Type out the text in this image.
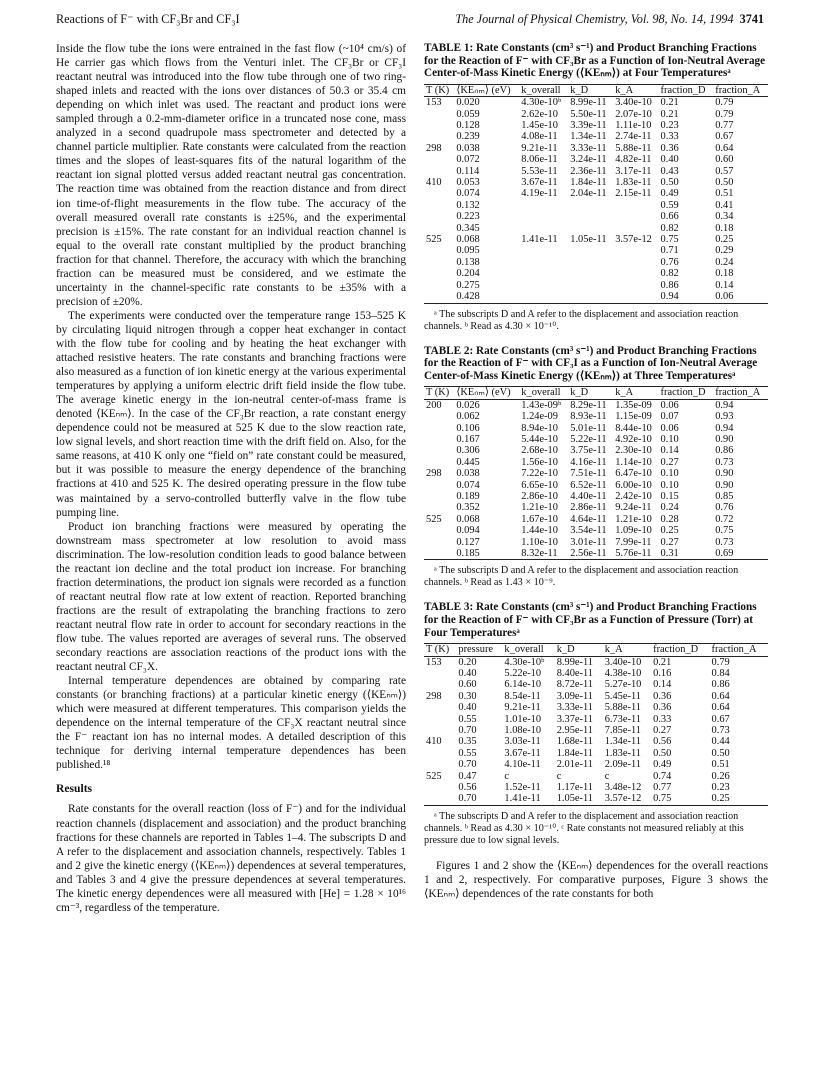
Reactions of F⁻ with CF₃Br and CF₃I	The Journal of Physical Chemistry, Vol. 98, No. 14, 1994 3741

Inside the flow tube the ions were entrained in the fast flow (~10⁴ cm/s) of He carrier gas which flows from the Venturi inlet. The CF₃Br or CF₃I reactant neutral was introduced into the flow tube through one of two ring-shaped inlets and reacted with the ions over distances of 50.3 or 35.4 cm depending on which inlet was used. The reactant and product ions were sampled through a 0.2-mm-diameter orifice in a truncated nose cone, mass analyzed in a second quadrupole mass spectrometer and detected by a channel particle multiplier. Rate constants were calculated from the reaction times and the slopes of least-squares fits of the natural logarithm of the reactant ion signal plotted versus added reactant neutral gas concentration. The reaction time was obtained from the reaction distance and from direct ion time-of-flight measurements in the flow tube. The accuracy of the overall measured overall rate constants is ±25%, and the experimental precision is ±15%. The rate constant for an individual reaction channel is equal to the overall rate constant multiplied by the product branching fraction for that channel. Therefore, the accuracy with which the branching fraction can be measured must be considered, and we estimate the uncertainty in the channel-specific rate constants to be ±35% with a precision of ±20%.

The experiments were conducted over the temperature range 153–525 K by circulating liquid nitrogen through a copper heat exchanger in contact with the flow tube for cooling and by heating the heat exchanger with attached resistive heaters. The rate constants and branching fractions were also measured as a function of ion kinetic energy at the various experimental temperatures by applying a uniform electric drift field inside the flow tube. The average kinetic energy in the ion-neutral center-of-mass frame is denoted ⟨KEₙₘ⟩. In the case of the CF₃Br reaction, a rate constant energy dependence could not be measured at 525 K due to the slow reaction rate, low signal levels, and short reaction time with the drift field on. Also, for the same reasons, at 410 K only one “field on” rate constant could be measured, but it was possible to measure the energy dependence of the branching fractions at 410 and 525 K. The desired operating pressure in the flow tube was maintained by a servo-controlled butterfly valve in the flow tube pumping line.

Product ion branching fractions were measured by operating the downstream mass spectrometer at low resolution to avoid mass discrimination. The low-resolution condition leads to good balance between the reactant ion decline and the total product ion increase. For branching fraction determinations, the product ion signals were recorded as a function of reactant neutral flow rate at low extent of reaction. Reported branching fractions are the result of extrapolating the branching fractions to zero reactant neutral flow rate in order to account for secondary reactions in the flow tube. The values reported are averages of several runs. The observed secondary reactions are association reactions of the product ions with the reactant neutral CF₃X.

Internal temperature dependences are obtained by comparing rate constants (or branching fractions) at a particular kinetic energy (⟨KEₙₘ⟩) which were measured at different temperatures. This comparison yields the dependence on the internal temperature of the CF₃X reactant neutral since the F⁻ reactant ion has no internal modes. A detailed description of this technique for deriving internal temperature dependences has been published.¹⁸

Results

Rate constants for the overall reaction (loss of F⁻) and for the individual reaction channels (displacement and association) and the product branching fractions for these channels are reported in Tables 1–4. The subscripts D and A refer to the displacement and association channels, respectively. Tables 1 and 2 give the kinetic energy (⟨KEₙₘ⟩) dependences at several temperatures, and Tables 3 and 4 give the pressure dependences at several temperatures. The kinetic energy dependences were all measured with [He] = 1.28 × 10¹⁶ cm⁻³, regardless of the temperature.

TABLE 1: Rate Constants (cm³ s⁻¹) and Product Branching Fractions for the Reaction of F⁻ with CF₃Br as a Function of Ion-Neutral Average Center-of-Mass Kinetic Energy (⟨KEₙₘ⟩) at Four Temperaturesᵃ
T (K)	⟨KEₙₘ⟩ (eV)	k_overall	k_D	k_A	fraction_D	fraction_A
153	0.020	4.30e-10ᵇ	8.99e-11	3.40e-10	0.21	0.79
	0.059	2.62e-10	5.50e-11	2.07e-10	0.21	0.79
	0.128	1.45e-10	3.39e-11	1.11e-10	0.23	0.77
	0.239	4.08e-11	1.34e-11	2.74e-11	0.33	0.67
298	0.038	9.21e-11	3.33e-11	5.88e-11	0.36	0.64
	0.072	8.06e-11	3.24e-11	4.82e-11	0.40	0.60
	0.114	5.53e-11	2.36e-11	3.17e-11	0.43	0.57
410	0.053	3.67e-11	1.84e-11	1.83e-11	0.50	0.50
	0.074	4.19e-11	2.04e-11	2.15e-11	0.49	0.51
	0.132				0.59	0.41
	0.223				0.66	0.34
	0.345				0.82	0.18
525	0.068	1.41e-11	1.05e-11	3.57e-12	0.75	0.25
	0.095				0.71	0.29
	0.138				0.76	0.24
	0.204				0.82	0.18
	0.275				0.86	0.14
	0.428				0.94	0.06
ᵃ The subscripts D and A refer to the displacement and association reaction channels. ᵇ Read as 4.30 × 10⁻¹⁰.
TABLE 2: Rate Constants (cm³ s⁻¹) and Product Branching Fractions for the Reaction of F⁻ with CF₃I as a Function of Ion-Neutral Average Center-of-Mass Kinetic Energy (⟨KEₙₘ⟩) at Three Temperaturesᵃ
T (K)	⟨KEₙₘ⟩ (eV)	k_overall	k_D	k_A	fraction_D	fraction_A
200	0.026	1.43e-09ᵇ	8.29e-11	1.35e-09	0.06	0.94
	0.062	1.24e-09	8.93e-11	1.15e-09	0.07	0.93
	0.106	8.94e-10	5.01e-11	8.44e-10	0.06	0.94
	0.167	5.44e-10	5.22e-11	4.92e-10	0.10	0.90
	0.306	2.68e-10	3.75e-11	2.30e-10	0.14	0.86
	0.445	1.56e-10	4.16e-11	1.14e-10	0.27	0.73
298	0.038	7.22e-10	7.51e-11	6.47e-10	0.10	0.90
	0.074	6.65e-10	6.52e-11	6.00e-10	0.10	0.90
	0.189	2.86e-10	4.40e-11	2.42e-10	0.15	0.85
	0.352	1.21e-10	2.86e-11	9.24e-11	0.24	0.76
525	0.068	1.67e-10	4.64e-11	1.21e-10	0.28	0.72
	0.094	1.44e-10	3.54e-11	1.09e-10	0.25	0.75
	0.127	1.10e-10	3.01e-11	7.99e-11	0.27	0.73
	0.185	8.32e-11	2.56e-11	5.76e-11	0.31	0.69
ᵃ The subscripts D and A refer to the displacement and association reaction channels. ᵇ Read as 1.43 × 10⁻⁹.
TABLE 3: Rate Constants (cm³ s⁻¹) and Product Branching Fractions for the Reaction of F⁻ with CF₃Br as a Function of Pressure (Torr) at Four Temperaturesᵃ
T (K)	pressure	k_overall	k_D	k_A	fraction_D	fraction_A
153	0.20	4.30e-10ᵇ	8.99e-11	3.40e-10	0.21	0.79
	0.40	5.22e-10	8.40e-11	4.38e-10	0.16	0.84
	0.60	6.14e-10	8.72e-11	5.27e-10	0.14	0.86
298	0.30	8.54e-11	3.09e-11	5.45e-11	0.36	0.64
	0.40	9.21e-11	3.33e-11	5.88e-11	0.36	0.64
	0.55	1.01e-10	3.37e-11	6.73e-11	0.33	0.67
	0.70	1.08e-10	2.95e-11	7.85e-11	0.27	0.73
410	0.35	3.03e-11	1.68e-11	1.34e-11	0.56	0.44
	0.55	3.67e-11	1.84e-11	1.83e-11	0.50	0.50
	0.70	4.10e-11	2.01e-11	2.09e-11	0.49	0.51
525	0.47	c	c	c	0.74	0.26
	0.56	1.52e-11	1.17e-11	3.48e-12	0.77	0.23
	0.70	1.41e-11	1.05e-11	3.57e-12	0.75	0.25
ᵃ The subscripts D and A refer to the displacement and association reaction channels. ᵇ Read as 4.30 × 10⁻¹⁰. ᶜ Rate constants not measured reliably at this pressure due to low signal levels.

Figures 1 and 2 show the ⟨KEₙₘ⟩ dependences for the overall reactions 1 and 2, respectively. For comparative purposes, Figure 3 shows the ⟨KEₙₘ⟩ dependences of the rate constants for both
